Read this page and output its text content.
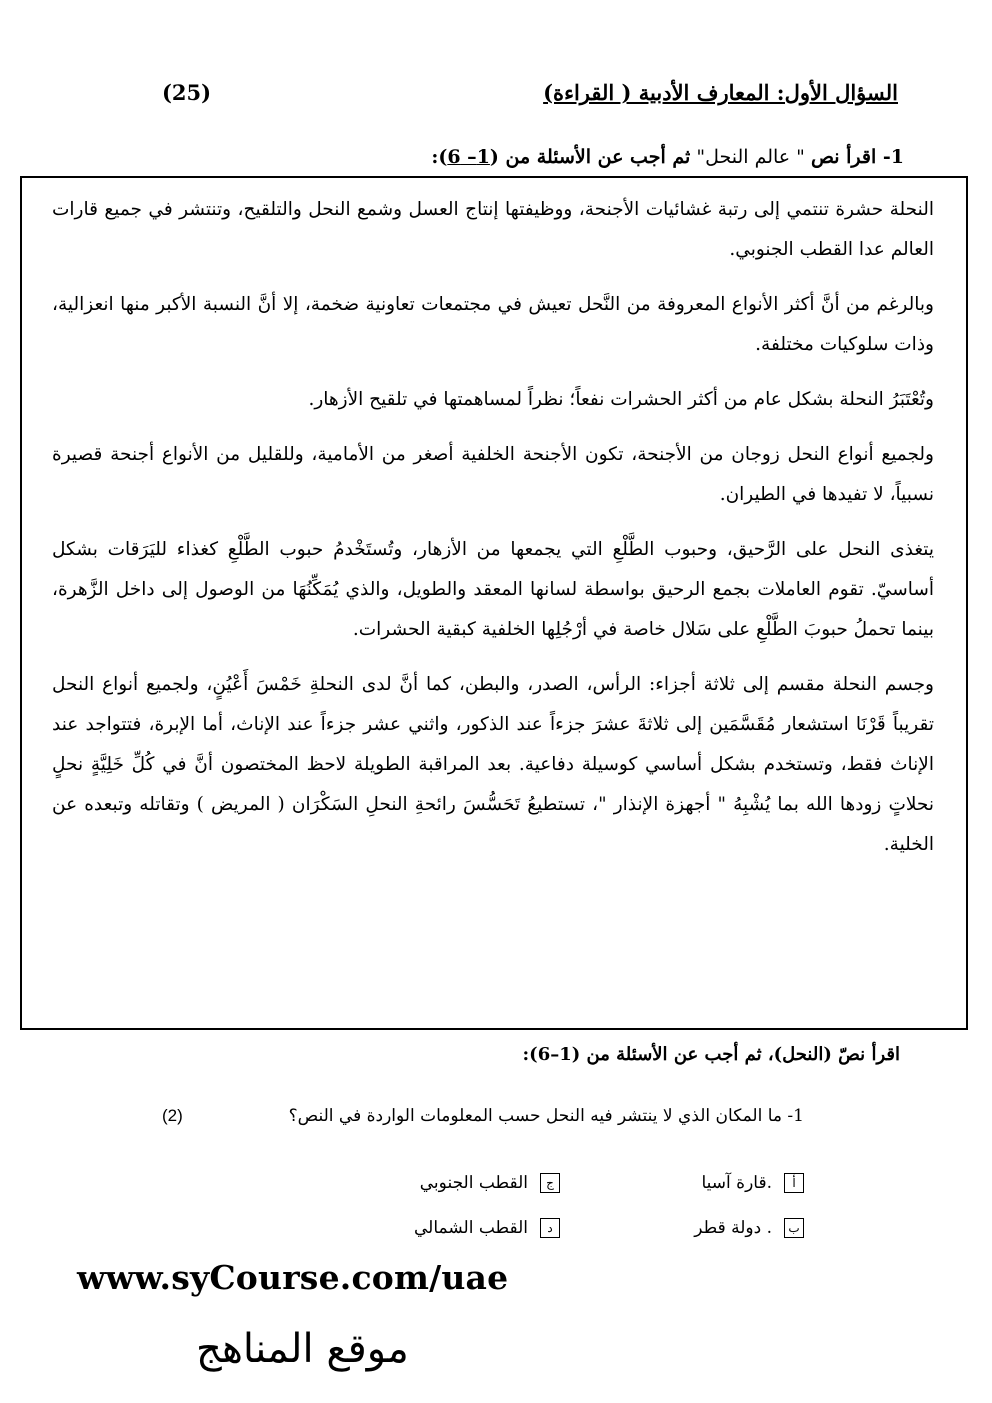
السؤال الأول: المعارف الأدبية ( القراءة)
(25)
1- اقرأ نص " عالم النحل" ثم أجب عن الأسئلة من (1– 6):

النحلة حشرة تنتمي إلى رتبة غشائيات الأجنحة، ووظيفتها إنتاج العسل وشمع النحل والتلقيح، وتنتشر في جميع قارات العالم عدا القطب الجنوبي.

وبالرغم من أنَّ أكثر الأنواع المعروفة من النَّحل تعيش في مجتمعات تعاونية ضخمة، إلا أنَّ النسبة الأكبر منها انعزالية، وذات سلوكيات مختلفة.

وتُعْتَبَرُ النحلة بشكل عام من أكثر الحشرات نفعاً؛ نظراً لمساهمتها في تلقيح الأزهار.

ولجميع أنواع النحل زوجان من الأجنحة، تكون الأجنحة الخلفية أصغر من الأمامية، وللقليل من الأنواع أجنحة قصيرة نسبياً، لا تفيدها في الطيران.

يتغذى النحل على الرَّحيق، وحبوب الطَّلْعِ التي يجمعها من الأزهار، وتُستَخْدمُ حبوب الطَّلْعِ كغذاء لليَرَقات بشكل أساسيّ. تقوم العاملات بجمع الرحيق بواسطة لسانها المعقد والطويل، والذي يُمَكِّنُهَا من الوصول إلى داخل الزَّهرة، بينما تحملُ حبوبَ الطَّلْعِ على سَلال خاصة في أرْجُلِها الخلفية كبقية الحشرات.

وجسم النحلة مقسم إلى ثلاثة أجزاء: الرأس، الصدر، والبطن، كما أنَّ لدى النحلةِ خَمْسَ أَعْيُنٍ، ولجميع أنواع النحل تقريباً قَرْنَا استشعار مُقَسَّمَين إلى ثلاثةَ عشرَ جزءاً عند الذكور، واثني عشر جزءاً عند الإناث، أما الإبرة، فتتواجد عند الإناث فقط، وتستخدم بشكل أساسي كوسيلة دفاعية. بعد المراقبة الطويلة لاحظ المختصون أنَّ في كُلِّ خَلِيَّةٍ نحلٍ نحلاتٍ زودها الله بما يُشْبِهُ " أجهزة الإنذار "، تستطيعُ تَحَسُّسَ رائحةِ النحلِ السَكْرَان ( المريض ) وتقاتله وتبعده عن الخلية.

اقرأ نصّ (النحل)، ثم أجب عن الأسئلة من (1–6):
1- ما المكان الذي لا ينتشر فيه النحل حسب المعلومات الواردة في النص؟
(2)
أ
قارة آسيا.
ب
دولة قطر .
ج
القطب الجنوبي
د
القطب الشمالي
www.syCourse.com/uae
موقع المناهج
